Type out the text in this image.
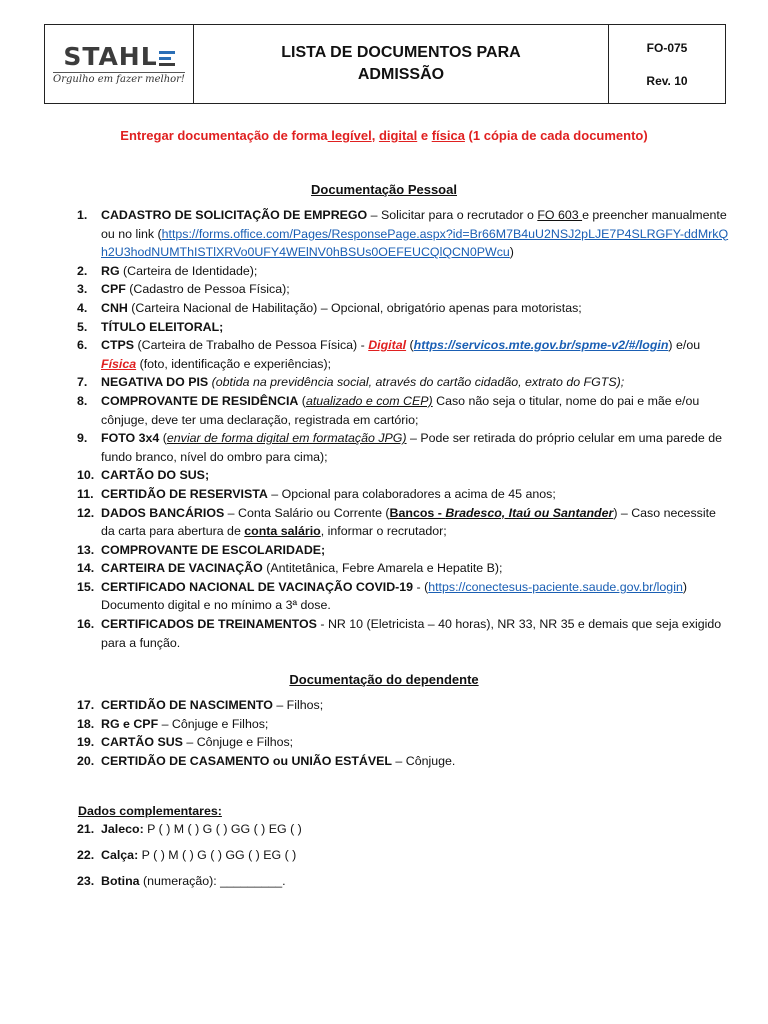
STAHL
Orgulho em fazer melhor!
LISTA DE DOCUMENTOS PARA
ADMISSÃO
FO-075
Rev. 10
Entregar documentação de forma legível, digital e física (1 cópia de cada documento)
Documentação Pessoal
1. CADASTRO DE SOLICITAÇÃO DE EMPREGO – Solicitar para o recrutador o FO 603 e preencher manualmente ou no link (https://forms.office.com/Pages/ResponsePage.aspx?id=Br66M7B4uU2NSJ2pLJE7P4SLRGFY-ddMrkQh2U3hodNUMThISTlXRVo0UFY4WElNV0hBSUs0OEFEUCQlQCN0PWcu)
2. RG (Carteira de Identidade);
3. CPF (Cadastro de Pessoa Física);
4. CNH (Carteira Nacional de Habilitação) – Opcional, obrigatório apenas para motoristas;
5. TÍTULO ELEITORAL;
6. CTPS (Carteira de Trabalho de Pessoa Física) - Digital (https://servicos.mte.gov.br/spme-v2/#/login) e/ou Física (foto, identificação e experiências);
7. NEGATIVA DO PIS (obtida na previdência social, através do cartão cidadão, extrato do FGTS);
8. COMPROVANTE DE RESIDÊNCIA (atualizado e com CEP) Caso não seja o titular, nome do pai e mãe e/ou cônjuge, deve ter uma declaração, registrada em cartório;
9. FOTO 3x4 (enviar de forma digital em formatação JPG) – Pode ser retirada do próprio celular em uma parede de fundo branco, nível do ombro para cima);
10. CARTÃO DO SUS;
11. CERTIDÃO DE RESERVISTA – Opcional para colaboradores a acima de 45 anos;
12. DADOS BANCÁRIOS – Conta Salário ou Corrente (Bancos - Bradesco, Itaú ou Santander) – Caso necessite da carta para abertura de conta salário, informar o recrutador;
13. COMPROVANTE DE ESCOLARIDADE;
14. CARTEIRA DE VACINAÇÃO (Antitetânica, Febre Amarela e Hepatite B);
15. CERTIFICADO NACIONAL DE VACINAÇÃO COVID-19 - (https://conectesus-paciente.saude.gov.br/login) Documento digital e no mínimo a 3ª dose.
16. CERTIFICADOS DE TREINAMENTOS - NR 10 (Eletricista – 40 horas), NR 33, NR 35 e demais que seja exigido para a função.
Documentação do dependente
17. CERTIDÃO DE NASCIMENTO – Filhos;
18. RG e CPF – Cônjuge e Filhos;
19. CARTÃO SUS – Cônjuge e Filhos;
20. CERTIDÃO DE CASAMENTO ou UNIÃO ESTÁVEL – Cônjuge.
Dados complementares:
21. Jaleco: P ( ) M ( ) G ( ) GG ( ) EG ( )
22. Calça: P ( ) M ( ) G ( ) GG ( ) EG ( )
23. Botina (numeração): _________.
